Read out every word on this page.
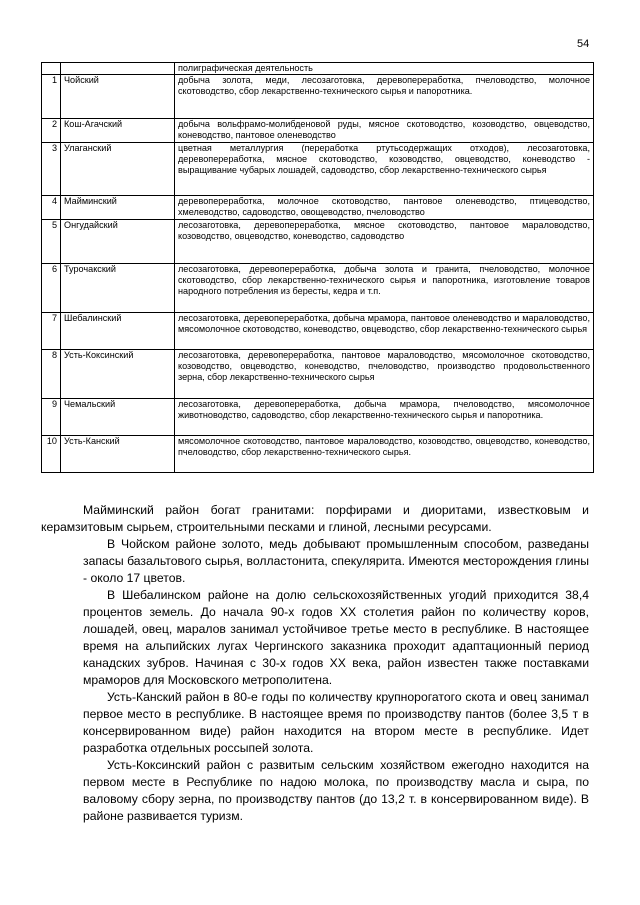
54
		полиграфическая деятельность
1	Чойский	добыча золота, меди, лесозаготовка, деревопереработка, пчеловодство, молочное скотоводство, сбор лекарственно-технического сырья и папоротника.
2	Кош-Агачский	добыча вольфрамо-молибденовой руды, мясное скотоводство, козоводство, овцеводство, коневодство, пантовое оленеводство
3	Улаганский	цветная металлургия (переработка ртутьсодержащих отходов), лесозаготовка, деревопереработка, мясное скотоводство, козоводство, овцеводство, коневодство - выращивание чубарых лошадей, садоводство, сбор лекарственно-технического сырья
4	Майминский	деревопереработка, молочное скотоводство, пантовое оленеводство, птицеводство, хмелеводство, садоводство, овощеводство, пчеловодство
5	Онгудайский	лесозаготовка, деревопереработка, мясное скотоводство, пантовое мараловодство, козоводство, овцеводство, коневодство, садоводство
6	Турочакский	лесозаготовка, деревопереработка, добыча золота и гранита, пчеловодство, молочное скотоводство, сбор лекарственно-технического сырья и папоротника, изготовление товаров народного потребления из бересты, кедра и т.п.
7	Шебалинский	лесозаготовка, деревопереработка, добыча мрамора, пантовое оленеводство и мараловодство, мясомолочное скотоводство, коневодство, овцеводство, сбор лекарственно-технического сырья
8	Усть-Коксинский	лесозаготовка, деревопереработка, пантовое мараловодство, мясомолочное скотоводство, козоводство, овцеводство, коневодство, пчеловодство, производство продовольственного зерна, сбор лекарственно-технического сырья
9	Чемальский	лесозаготовка, деревопереработка, добыча мрамора, пчеловодство, мясомолочное животноводство, садоводство, сбор лекарственно-технического сырья и папоротника.
10	Усть-Канский	мясомолочное скотоводство, пантовое мараловодство, козоводство, овцеводство, коневодство, пчеловодство, сбор лекарственно-технического сырья.

Майминский район богат гранитами: порфирами и диоритами, известковым и керамзитовым сырьем, строительными песками и глиной, лесными ресурсами.

В Чойском районе золото, медь добывают промышленным способом, разведаны запасы базальтового сырья, волластонита, спекулярита. Имеются месторождения глины - около 17 цветов.

В Шебалинском районе на долю сельскохозяйственных угодий приходится 38,4 процентов земель. До начала 90-х годов XX столетия район по количеству коров, лошадей, овец, маралов занимал устойчивое третье место в республике. В настоящее время на альпийских лугах Чергинского заказника проходит адаптационный период канадских зубров. Начиная с 30-х годов XX века, район известен также поставками мраморов для Московского метрополитена.

Усть-Канский район в 80-е годы по количеству крупнорогатого скота и овец занимал первое место в республике. В настоящее время по производству пантов (более 3,5 т в консервированном виде) район находится на втором месте в республике. Идет разработка отдельных россыпей золота.

Усть-Коксинский район с развитым сельским хозяйством ежегодно находится на первом месте в Республике по надою молока, по производству масла и сыра, по валовому сбору зерна, по производству пантов (до 13,2 т. в консервированном виде). В районе развивается туризм.
